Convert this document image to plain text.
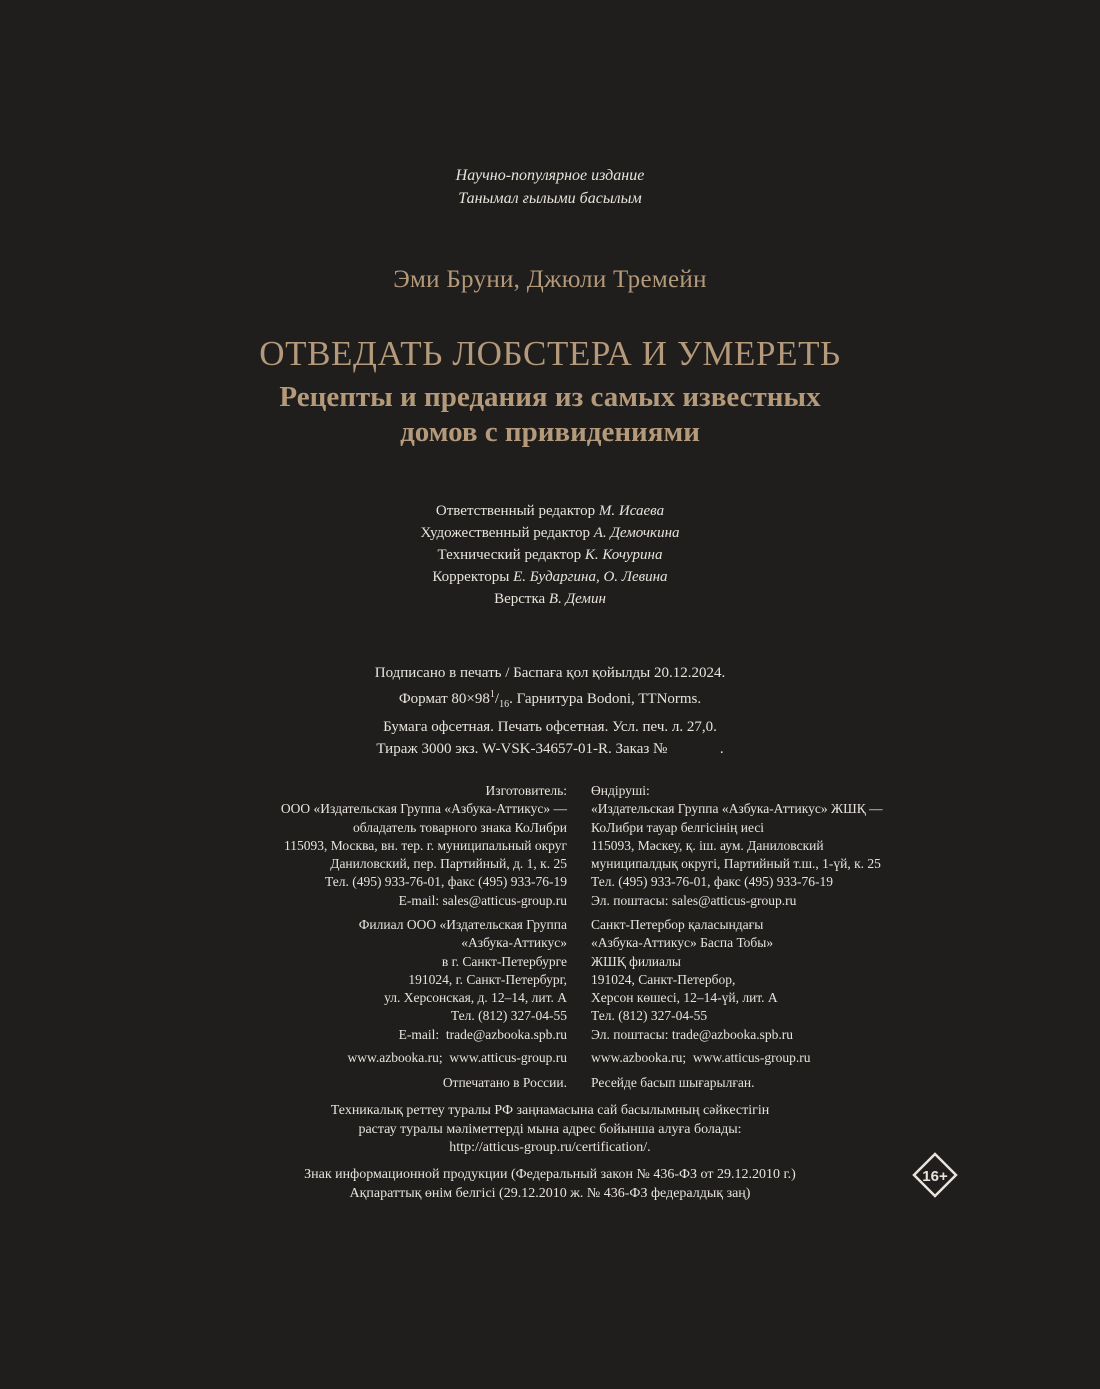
Научно-популярное издание
Танымал ғылыми басылым
Эми Бруни, Джюли Тремейн
ОТВЕДАТЬ ЛОБСТЕРА И УМЕРЕТЬ
Рецепты и предания из самых известных
домов с привидениями
Ответственный редактор М. Исаева
Художественный редактор А. Демочкина
Технический редактор К. Кочурина
Корректоры Е. Бударгина, О. Левина
Верстка В. Демин
Подписано в печать / Баспаға қол қойылды 20.12.2024.
Формат $80\times 98^1/_{16}$. Гарнитура Bodoni, TTNorms.
Бумага офсетная. Печать офсетная. Усл. печ. л. 27,0.
Тираж 3000 экз. W-VSK-34657-01-R. Заказ №              .
Изготовитель:
ООО «Издательская Группа «Азбука-Аттикус» —
обладатель товарного знака КоЛибри
115093, Москва, вн. тер. г. муниципальный округ
Даниловский, пер. Партийный, д. 1, к. 25
Тел. (495) 933-76-01, факс (495) 933-76-19
E-mail: sales@atticus-group.ru
Өндіруші:
«Издательская Группа «Азбука-Аттикус» ЖШҚ —
КоЛибри тауар белгісінің иесі
115093, Мәскеу, қ. іш. аум. Даниловский
муниципалдық округі, Партийный т.ш., 1-үй, к. 25
Тел. (495) 933-76-01, факс (495) 933-76-19
Эл. поштасы: sales@atticus-group.ru
Филиал ООО «Издательская Группа
«Азбука-Аттикус»
в г. Санкт-Петербурге
191024, г. Санкт-Петербург,
ул. Херсонская, д. 12–14, лит. А
Тел. (812) 327-04-55
E-mail:  trade@azbooka.spb.ru
Санкт-Петербор қаласындағы
«Азбука-Аттикус» Баспа Тобы»
ЖШҚ филиалы
191024, Санкт-Петербор,
Херсон көшесі, 12–14-үй, лит. А
Тел. (812) 327-04-55
Эл. поштасы: trade@azbooka.spb.ru
www.azbooka.ru;  www.atticus-group.ru www.azbooka.ru;  www.atticus-group.ru
Отпечатано в России. Ресейде басып шығарылған.
Техникалық реттеу туралы РФ заңнамасына сай басылымның сәйкестігін
растау туралы мәліметтерді мына адрес бойынша алуға болады:
http://atticus-group.ru/certification/.
Знак информационной продукции (Федеральный закон № 436-ФЗ от 29.12.2010 г.)
Ақпараттық өнім белгісі (29.12.2010 ж. № 436-ФЗ федералдық заң)
16+
